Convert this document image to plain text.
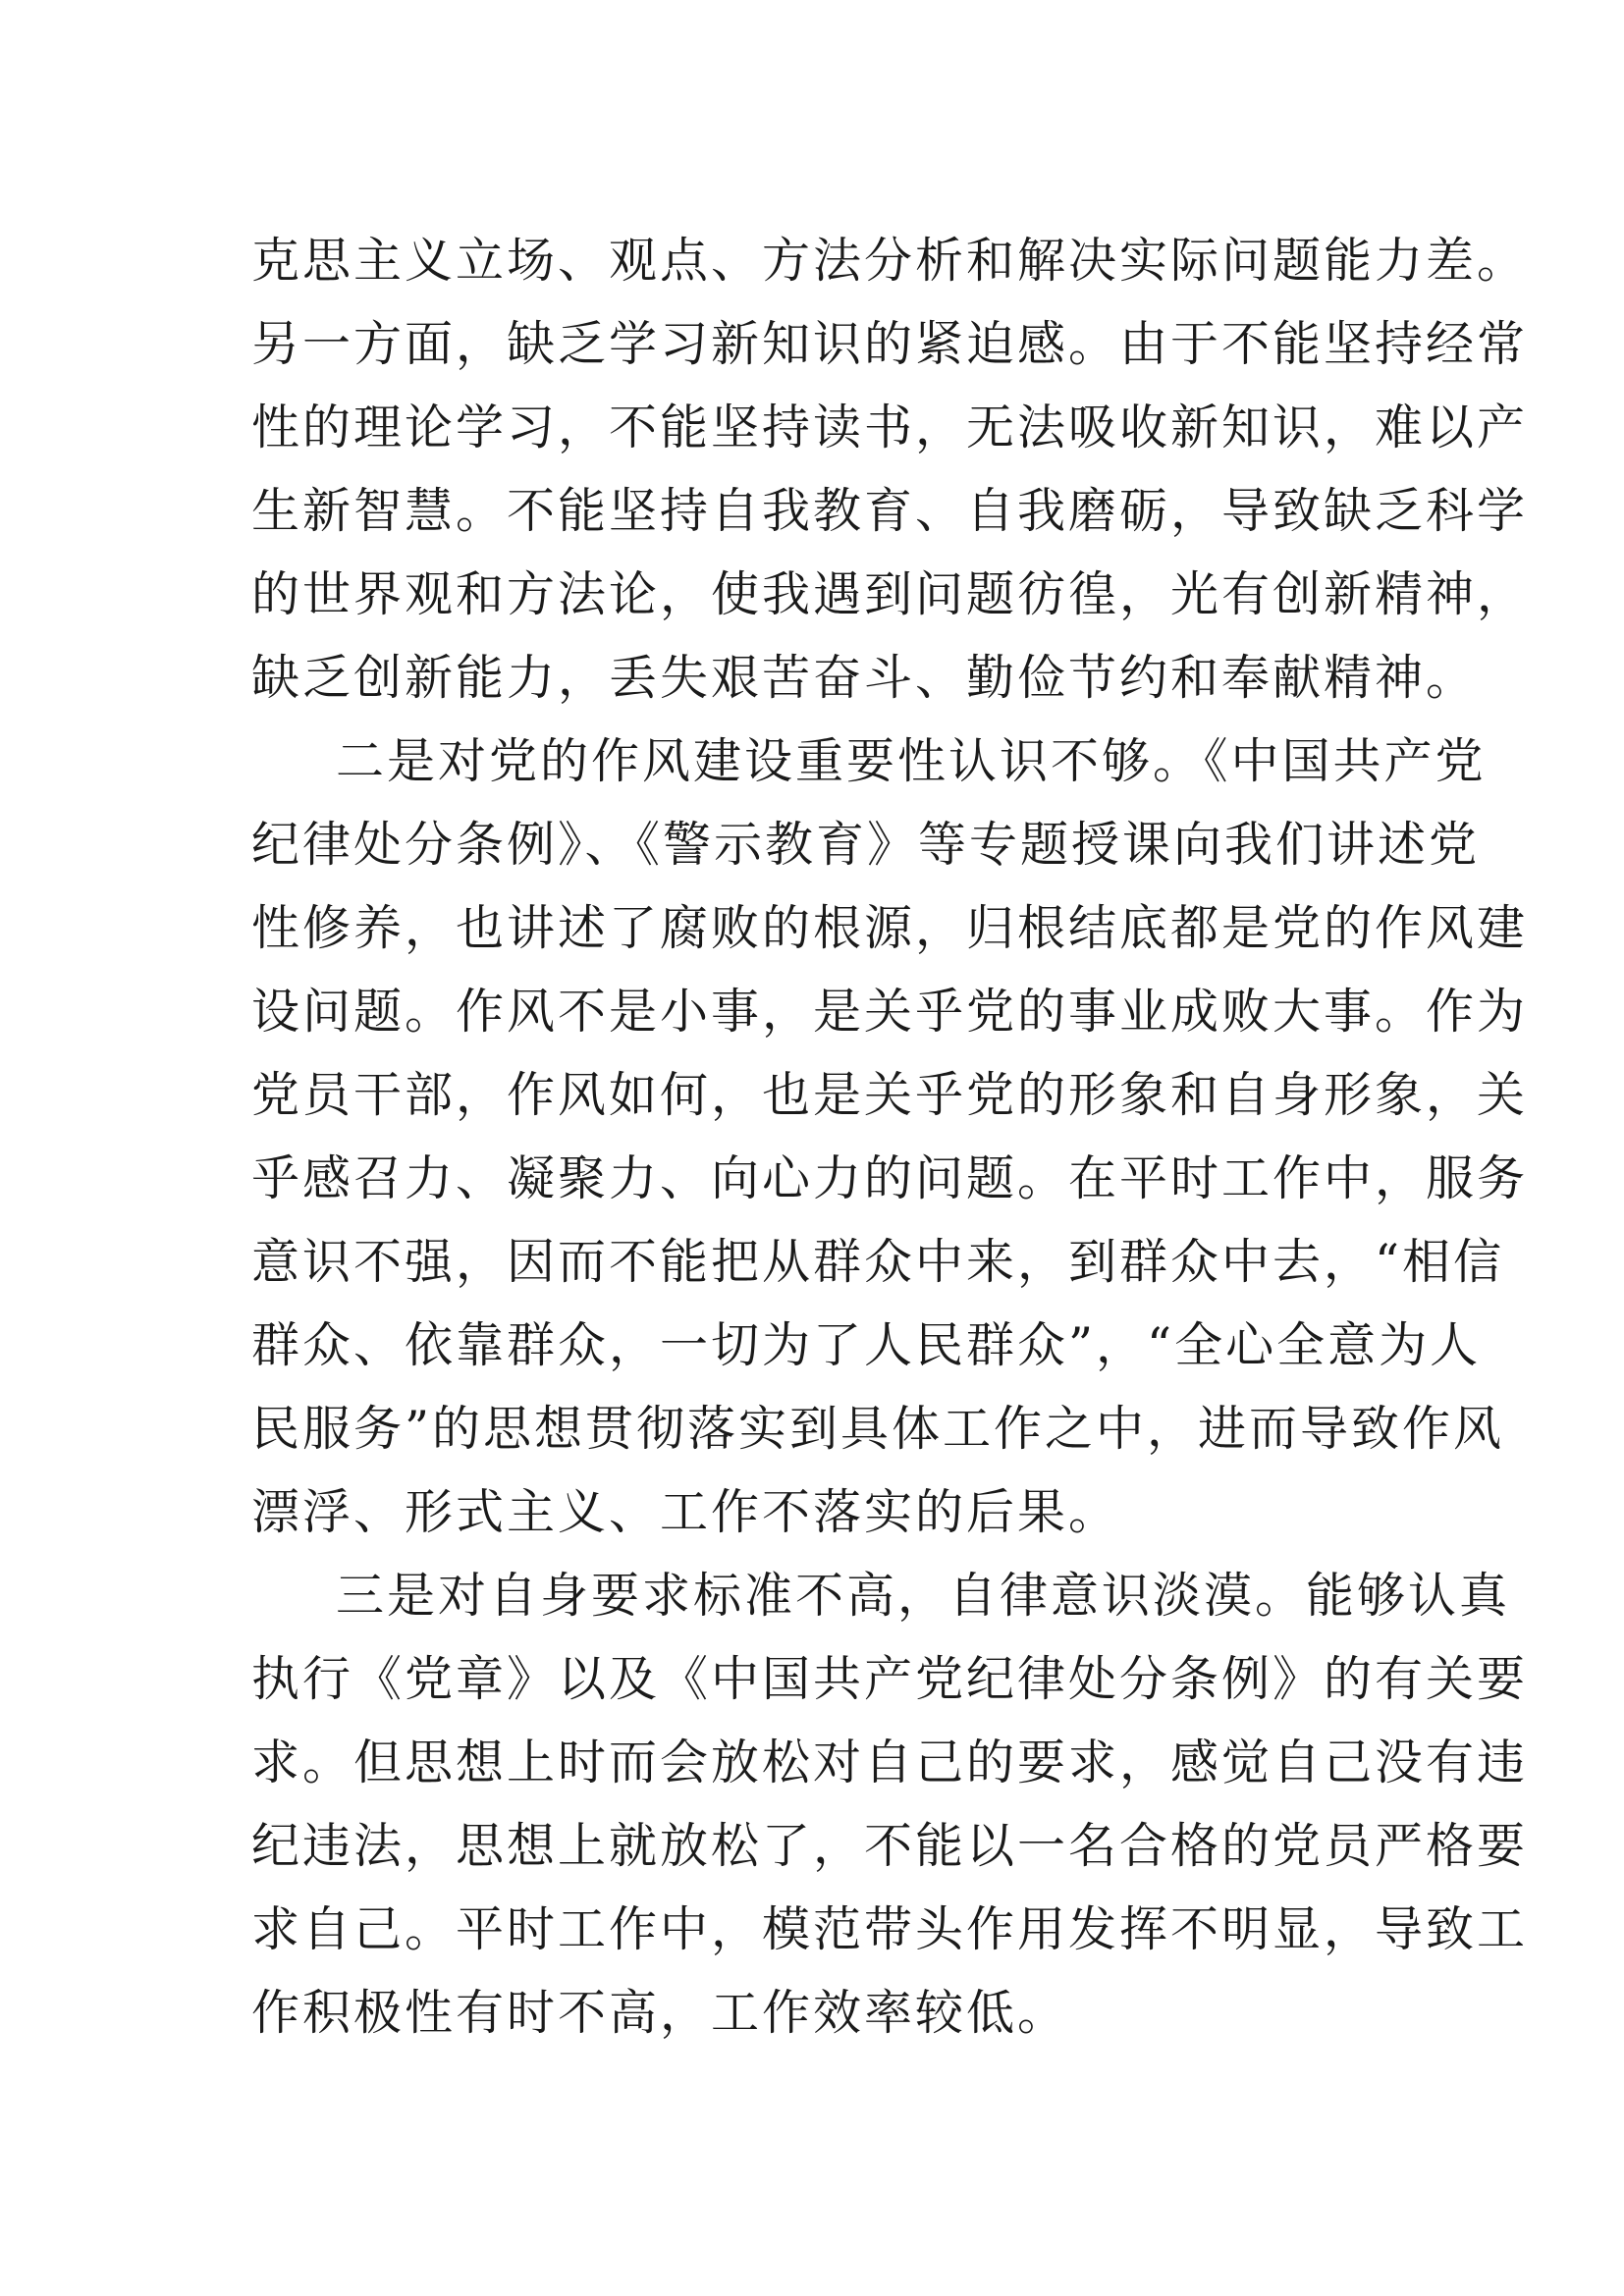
克思主义立场、观点、方法分析和解决实际问题能力差。
另一方面，缺乏学习新知识的紧迫感。由于不能坚持经常
性的理论学习，不能坚持读书，无法吸收新知识，难以产
生新智慧。不能坚持自我教育、自我磨砺，导致缺乏科学
的世界观和方法论，使我遇到问题彷徨，光有创新精神，
缺乏创新能力，丢失艰苦奋斗、勤俭节约和奉献精神。
二是对党的作风建设重要性认识不够。《中国共产党
纪律处分条例》、《警示教育》等专题授课向我们讲述党
性修养，也讲述了腐败的根源，归根结底都是党的作风建
设问题。作风不是小事，是关乎党的事业成败大事。作为
党员干部，作风如何，也是关乎党的形象和自身形象，关
乎感召力、凝聚力、向心力的问题。在平时工作中，服务
意识不强，因而不能把从群众中来，到群众中去，“相信
群众、依靠群众，一切为了人民群众”，“全心全意为人
民服务”的思想贯彻落实到具体工作之中，进而导致作风
漂浮、形式主义、工作不落实的后果。
三是对自身要求标准不高，自律意识淡漠。能够认真
执行《党章》以及《中国共产党纪律处分条例》的有关要
求。但思想上时而会放松对自己的要求，感觉自己没有违
纪违法，思想上就放松了，不能以一名合格的党员严格要
求自己。平时工作中，模范带头作用发挥不明显，导致工
作积极性有时不高，工作效率较低。
